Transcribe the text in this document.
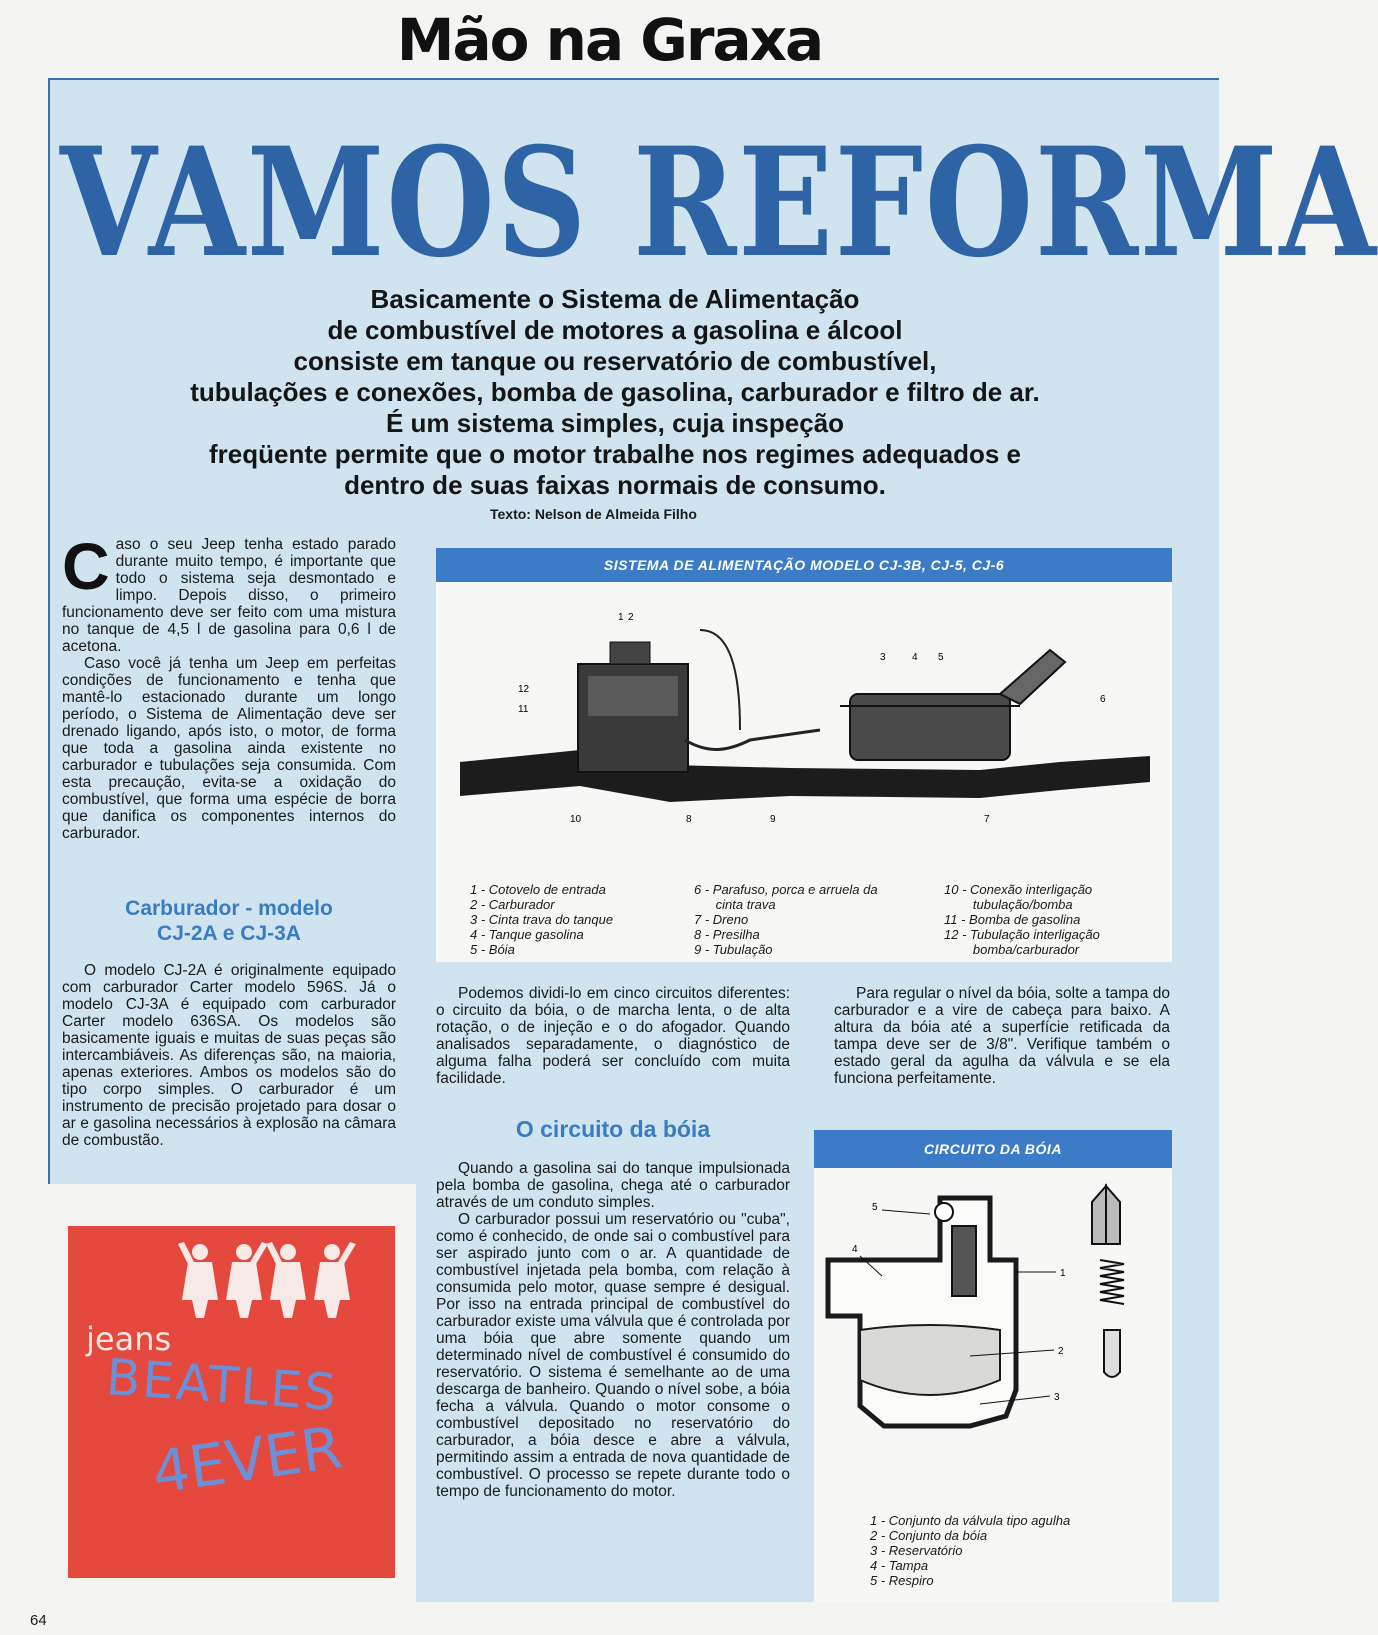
Mão na Graxa
VAMOS REFORMA
Basicamente o Sistema de Alimentação
de combustível de motores a gasolina e álcool
consiste em tanque ou reservatório de combustível,
tubulações e conexões, bomba de gasolina, carburador e filtro de ar.
É um sistema simples, cuja inspeção
freqüente permite que o motor trabalhe nos regimes adequados e
dentro de suas faixas normais de consumo.
Texto: Nelson de Almeida Filho
C aso o seu Jeep tenha estado parado durante muito tempo, é importante que todo o sistema seja desmontado e limpo. Depois disso, o primeiro funcionamento deve ser feito com uma mistura no tanque de 4,5 l de gasolina para 0,6 l de acetona.

Caso você já tenha um Jeep em perfeitas condições de funcionamento e tenha que mantê-lo estacionado durante um longo período, o Sistema de Alimentação deve ser drenado ligando, após isto, o motor, de forma que toda a gasolina ainda existente no carburador e tubulações seja consumida. Com esta precaução, evita-se a oxidação do combustível, que forma uma espécie de borra que danifica os componentes internos do carburador.

Carburador - modelo
CJ-2A e CJ-3A

O modelo CJ-2A é originalmente equipado com carburador Carter modelo 596S. Já o modelo CJ-3A é equipado com carburador Carter modelo 636SA. Os modelos são basicamente iguais e muitas de suas peças são intercambiáveis. As diferenças são, na maioria, apenas exteriores. Ambos os modelos são do tipo corpo simples. O carburador é um instrumento de precisão projetado para dosar o ar e gasolina necessários à explosão na câmara de combustão.

SISTEMA DE ALIMENTAÇÃO MODELO CJ-3B, CJ-5, CJ-6
1 2
3	4 5
6
7
8	9
10
11
12
1 - Cotovelo de entrada
2 - Carburador
3 - Cinta trava do tanque
4 - Tanque gasolina
5 - Bóia
6 - Parafuso, porca e arruela da
cinta trava
7 - Dreno
8 - Presilha
9 - Tubulação
10 - Conexão interligação
tubulação/bomba
11 - Bomba de gasolina
12 - Tubulação interligação
bomba/carburador

Podemos dividi-lo em cinco circuitos diferentes: o circuito da bóia, o de marcha lenta, o de alta rotação, o de injeção e o do afogador. Quando analisados separadamente, o diagnóstico de alguma falha poderá ser concluído com muita facilidade.

O circuito da bóia

Quando a gasolina sai do tanque impulsionada pela bomba de gasolina, chega até o carburador através de um conduto simples.

O carburador possui um reservatório ou "cuba", como é conhecido, de onde sai o combustível para ser aspirado junto com o ar. A quantidade de combustível injetada pela bomba, com relação à consumida pelo motor, quase sempre é desigual. Por isso na entrada principal de combustível do carburador existe uma válvula que é controlada por uma bóia que abre somente quando um determinado nível de combustível é consumido do reservatório. O sistema é semelhante ao de uma descarga de banheiro. Quando o nível sobe, a bóia fecha a válvula. Quando o motor consome o combustível depositado no reservatório do carburador, a bóia desce e abre a válvula, permitindo assim a entrada de nova quantidade de combustível. O processo se repete durante todo o tempo de funcionamento do motor.

Para regular o nível da bóia, solte a tampa do carburador e a vire de cabeça para baixo. A altura da bóia até a superfície retificada da tampa deve ser de 3/8". Verifique também o estado geral da agulha da válvula e se ela funciona perfeitamente.

CIRCUITO DA BÓIA
1
2
3
4
5
1 - Conjunto da válvula tipo agulha
2 - Conjunto da bóia
3 - Reservatório
4 - Tampa
5 - Respiro
jeans
BEATLES
4EVER
64
